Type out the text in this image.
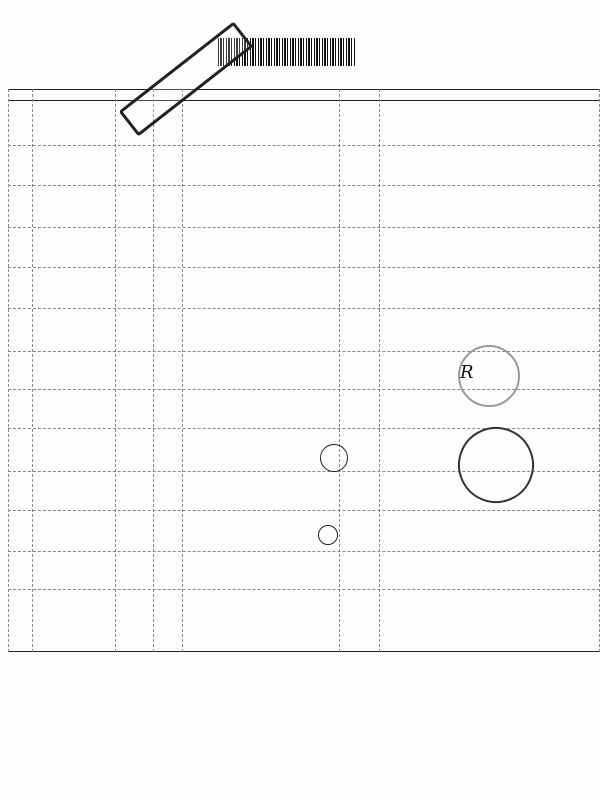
R
